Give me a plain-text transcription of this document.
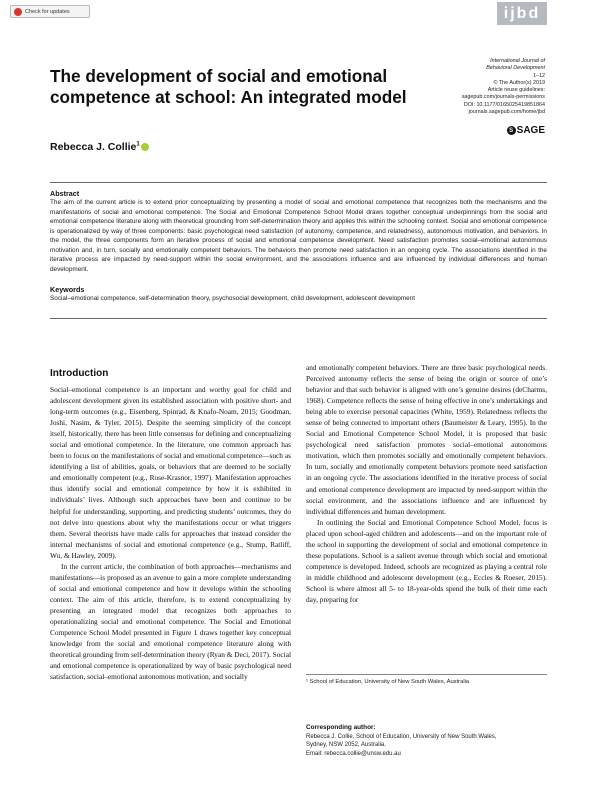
Check for updates	ijbd
International Journal of
Behavioral Development
1–12
© The Author(s) 2019
Article reuse guidelines:
sagepub.com/journals-permissions
DOI: 10.1177/0165025419851864
journals.sagepub.com/home/jbd
S SAGE
The development of social and emotional competence at school: An integrated model
Rebecca J. Collie$^1$
Abstract
The aim of the current article is to extend prior conceptualizing by presenting a model of social and emotional competence that recognizes both the mechanisms and the manifestations of social and emotional competence. The Social and Emotional Competence School Model draws together conceptual underpinnings from the social and emotional competence literature along with theoretical grounding from self-determination theory and applies this within the schooling context. Social and emotional competence is operationalized by way of three components: basic psychological need satisfaction (of autonomy, competence, and relatedness), autonomous motivation, and behaviors. In the model, the three components form an iterative process of social and emotional competence development. Need satisfaction promotes social–emotional autonomous motivation and, in turn, socially and emotionally competent behaviors. The behaviors then promote need satisfaction in an ongoing cycle. The associations identified in the iterative process are impacted by need-support within the social environment, and the associations influence and are influenced by individual differences and human development.
Keywords
Social–emotional competence, self-determination theory, psychosocial development, child development, adolescent development
Introduction

Social–emotional competence is an important and worthy goal for child and adolescent development given its established association with positive short- and long-term outcomes (e.g., Eisenberg, Spinrad, & Knafo-Noam, 2015; Goodman, Joshi, Nasim, & Tyler, 2015). Despite the seeming simplicity of the concept itself, historically, there has been little consensus for defining and conceptualizing social and emotional competence. In the literature, one common approach has been to focus on the manifestations of social and emotional competence—such as identifying a list of abilities, goals, or behaviors that are deemed to be socially and emotionally competent (e.g., Rose-Krasnor, 1997). Manifestation approaches thus identify social and emotional competence by how it is exhibited in individuals’ lives. Although such approaches have been and continue to be helpful for understanding, supporting, and predicting students’ outcomes, they do not delve into questions about why the manifestations occur or what triggers them. Several theorists have made calls for approaches that instead consider the internal mechanisms of social and emotional competence (e.g., Stump, Ratliff, Wu, & Hawley, 2009).

In the current article, the combination of both approaches—mechanisms and manifestations—is proposed as an avenue to gain a more complete understanding of social and emotional competence and how it develops within the schooling context. The aim of this article, therefore, is to extend conceptualizing by presenting an integrated model that recognizes both approaches to operationalizing social and emotional competence. The Social and Emotional Competence School Model presented in Figure 1 draws together key conceptual knowledge from the social and emotional competence literature along with theoretical grounding from self-determination theory (Ryan & Deci, 2017). Social and emotional competence is operationalized by way of basic psychological need satisfaction, social–emotional autonomous motivation, and socially

and emotionally competent behaviors. There are three basic psychological needs. Perceived autonomy reflects the sense of being the origin or source of one’s behavior and that such behavior is aligned with one’s genuine desires (deCharms, 1968). Competence reflects the sense of being effective in one’s undertakings and being able to exercise personal capacities (White, 1959). Relatedness reflects the sense of being connected to important others (Baumeister & Leary, 1995). In the Social and Emotional Competence School Model, it is proposed that basic psychological need satisfaction promotes social–emotional autonomous motivation, which then promotes socially and emotionally competent behaviors. In turn, socially and emotionally competent behaviors promote need satisfaction in an ongoing cycle. The associations identified in the iterative process of social and emotional competence development are impacted by need-support within the social environment, and the associations influence and are influenced by individual differences and human development.

In outlining the Social and Emotional Competence School Model, focus is placed upon school-aged children and adolescents—and on the important role of the school in supporting the development of social and emotional competence in these populations. School is a salient avenue through which social and emotional competence is developed. Indeed, schools are recognized as playing a central role in middle childhood and adolescent development (e.g., Eccles & Roeser, 2015). School is where almost all 5- to 18-year-olds spend the bulk of their time each day, preparing for

¹ School of Education, University of New South Wales, Australia
Corresponding author:
Rebecca J. Collie, School of Education, University of New South Wales,
Sydney, NSW 2052, Australia.
Email: rebecca.collie@unsw.edu.au
